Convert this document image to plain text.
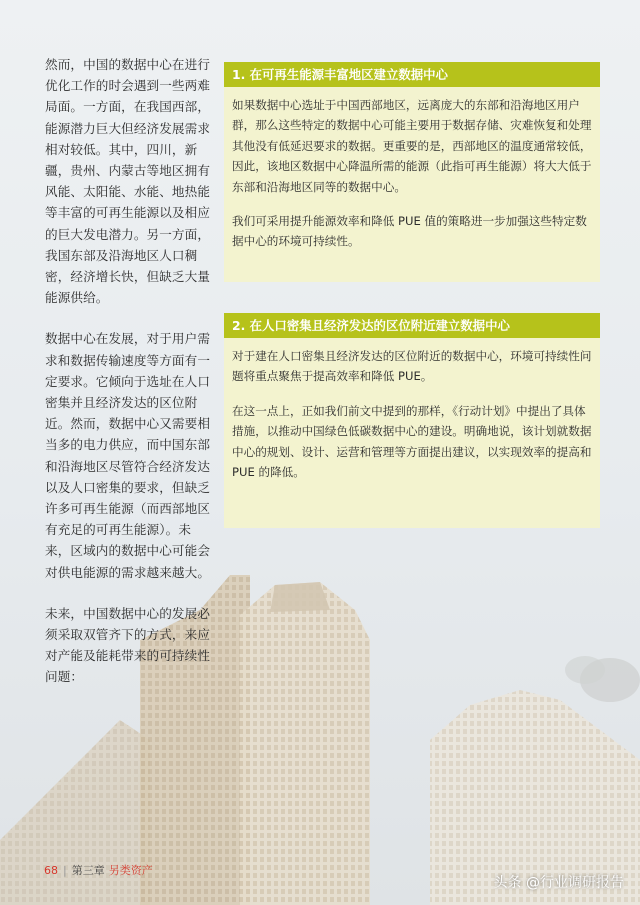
然而，中国的数据中心在进行优化工作的时会遇到一些两难局面。一方面，在我国西部，能源潜力巨大但经济发展需求相对较低。其中，四川，新疆，贵州、内蒙古等地区拥有风能、太阳能、水能、地热能等丰富的可再生能源以及相应的巨大发电潜力。另一方面，我国东部及沿海地区人口稠密，经济增长快，但缺乏大量能源供给。

数据中心在发展，对于用户需求和数据传输速度等方面有一定要求。它倾向于选址在人口密集并且经济发达的区位附近。然而，数据中心又需要相当多的电力供应，而中国东部和沿海地区尽管符合经济发达以及人口密集的要求，但缺乏许多可再生能源（而西部地区有充足的可再生能源）。未来，区域内的数据中心可能会对供电能源的需求越来越大。

未来，中国数据中心的发展必须采取双管齐下的方式，来应对产能及能耗带来的可持续性问题：

1. 在可再生能源丰富地区建立数据中心

如果数据中心选址于中国西部地区，远离庞大的东部和沿海地区用户群，那么这些特定的数据中心可能主要用于数据存储、灾难恢复和处理其他没有低延迟要求的数据。更重要的是，西部地区的温度通常较低，因此，该地区数据中心降温所需的能源（此指可再生能源）将大大低于东部和沿海地区同等的数据中心。

我们可采用提升能源效率和降低 PUE 值的策略进一步加强这些特定数据中心的环境可持续性。

2. 在人口密集且经济发达的区位附近建立数据中心

对于建在人口密集且经济发达的区位附近的数据中心，环境可持续性问题将重点聚焦于提高效率和降低 PUE。

在这一点上，正如我们前文中提到的那样，《行动计划》中提出了具体措施，以推动中国绿色低碳数据中心的建设。明确地说，该计划就数据中心的规划、设计、运营和管理等方面提出建议，以实现效率的提高和 PUE 的降低。

68 | 第三章 另类资产
头条 @行业调研报告
